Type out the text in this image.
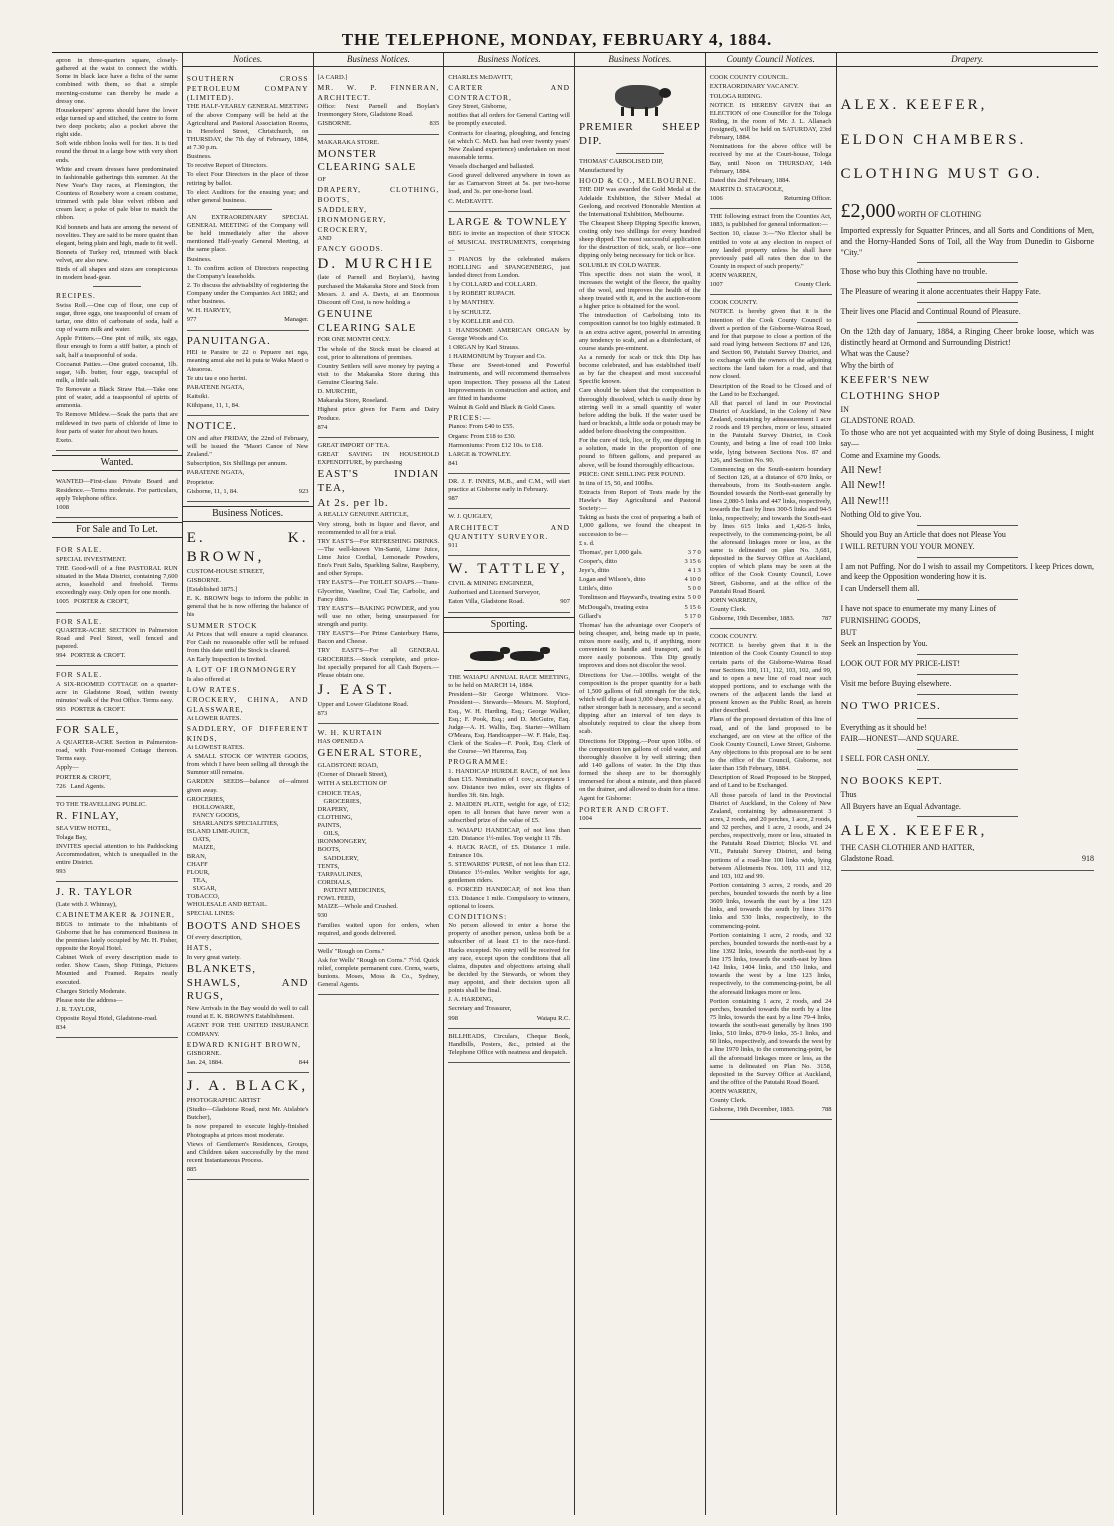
THE TELEPHONE, MONDAY, FEBRUARY 4, 1884.

apron in three-quarters square, closely-gathered at the waist to connect the width. Some in black lace have a fichu of the same combined with them, so that a simple morning-costume can thereby be made a dressy one.

Housekeepers' aprons should have the lower edge turned up and stitched, the centre to form two deep pockets; also a pocket above the right side.

Soft wide ribbon looks well for ties. It is tied round the throat in a large bow with very short ends.

White and cream dresses have predominated in fashionable gatherings this summer. At the New Year's Day races, at Flemington, the Countess of Rosebery wore a cream costume, trimmed with pale blue velvet ribbon and cream lace; a poke of pale blue to match the ribbon.

Kid bonnets and hats are among the newest of novelties. They are said to be more quaint than elegant, being plain and high, made to fit well.

Bonnets of Turkey red, trimmed with black velvet, are also new.

Birds of all shapes and sizes are conspicuous in modern head-gear.

RECIPES.

Swiss Roll.—One cup of flour, one cup of sugar, three eggs, one teaspoonful of cream of tartar, one ditto of carbonate of soda, half a cup of warm milk and water.

Apple Fritters.—One pint of milk, six eggs, flour enough to form a stiff batter, a pinch of salt, half a teaspoonful of soda.

Cocoanut Patties.—One grated cocoanut, 1lb. sugar, ¼lb. butter, four eggs, teacupful of milk, a little salt.

To Renovate a Black Straw Hat.—Take one pint of water, add a teaspoonful of spirits of ammonia.

To Remove Mildew.—Soak the parts that are mildewed in two parts of chloride of lime to four parts of water for about two hours.

Exeto.

Wanted.

WANTED—First-class Private Board and Residence.—Terms moderate. For particulars, apply Telephone office.

1008

For Sale and To Let.

FOR SALE.

SPECIAL INVESTMENT.

THE Good-will of a fine PASTORAL RUN situated in the Maia District, containing 7,600 acres, leasehold and freehold. Terms exceedingly easy. Only open for one month.

1005 PORTER & CROFT,

FOR SALE.

QUARTER-ACRE SECTION in Palmerston Road and Peel Street, well fenced and papered.

994 PORTER & CROFT.

FOR SALE.

A SIX-ROOMED COTTAGE on a quarter-acre in Gladstone Road, within twenty minutes' walk of the Post Office. Terms easy.

993 PORTER & CROFT.

FOR SALE,

A QUARTER-ACRE Section in Palmerston-road, with Four-roomed Cottage thereon. Terms easy.

Apply—

PORTER & CROFT,

726 Land Agents.

TO THE TRAVELLING PUBLIC.

R. FINLAY,

SEA VIEW HOTEL,

Tolaga Bay,

INVITES special attention to his Paddocking Accommodation, which is unequalled in the entire District.

993

J. R. TAYLOR

(Late with J. Whinray),

CABINETMAKER & JOINER,

BEGS to intimate to the inhabitants of Gisborne that he has commenced Business in the premises lately occupied by Mr. H. Fisher, opposite the Royal Hotel.

Cabinet Work of every description made to order. Show Cases, Shop Fittings, Pictures Mounted and Framed. Repairs neatly executed.

Charges Strictly Moderate.

Please note the address—

J. R. TAYLOR,

Opposite Royal Hotel, Gladstone-road.

834

Notices.

SOUTHERN CROSS PETROLEUM COMPANY (LIMITED).

THE HALF-YEARLY GENERAL MEETING of the above Company will be held at the Agricultural and Pastoral Association Rooms, in Hereford Street, Christchurch, on THURSDAY, the 7th day of February, 1884, at 7.30 p.m.

Business.

To receive Report of Directors.

To elect Four Directors in the place of those retiring by ballot.

To elect Auditors for the ensuing year; and other general business.

AN EXTRAORDINARY SPECIAL GENERAL MEETING of the Company will be held immediately after the above mentioned Half-yearly General Meeting, at the same place.

Business.

1. To confirm action of Directors respecting the Company's leaseholds.

2. To discuss the advisability of registering the Company under the Companies Act 1882; and other business.

W. H. HARVEY,

977	Manager.

PANUITANGA.

HEI te Paraire te 22 o Pepuere nei nga, meaning amui ake nei ki puta te Waka Maori o Ateaoroa.

Te utu tau e ono herini.

PARATENE NGATA,

Kaitsiki.

Kiihipane, 11, 1, 84.

NOTICE.

ON and after FRIDAY, the 22nd of February, will be issued the "Maori Canoe of New Zealand."

Subscription, Six Shillings per annum.

PARATENE NGATA,

Proprietor.

Gisborne, 11, 1, 84.	923

Business Notices.

E. K. BROWN,

CUSTOM-HOUSE STREET,

GISBORNE.

[Established 1875.]

E. K. BROWN begs to inform the public in general that he is now offering the balance of his

SUMMER STOCK

At Prices that will ensure a rapid clearance. For Cash no reasonable offer will be refused from this date until the Stock is cleared.

An Early Inspection is Invited.

A LOT OF IRONMONGERY

Is also offered at

LOW RATES.

CROCKERY, CHINA, AND GLASSWARE,

At LOWER RATES.

SADDLERY, OF DIFFERENT KINDS,

At LOWEST RATES.

A SMALL STOCK OF WINTER GOODS, from which I have been selling all through the Summer still remains.

GARDEN SEEDS—balance of—almost given away.

GROCERIES,

HOLLOWARE,

FANCY GOODS,

SHARLAND'S SPECIALITIES,

ISLAND LIME-JUICE,

OATS,

MAIZE,

BRAN,

CHAFF

FLOUR,

TEA,

SUGAR,

TOBACCO,

WHOLESALE AND RETAIL.

SPECIAL LINES:

BOOTS AND SHOES

Of every description,

HATS,

In very great variety.

BLANKETS, SHAWLS, AND RUGS,

New Arrivals in the Bay would do well to call round at E. K. BROWN'S Establishment.

AGENT FOR THE UNITED INSURANCE COMPANY.

EDWARD KNIGHT BROWN,

GISBORNE.

Jan. 24, 1884.	844

J. A. BLACK,

PHOTOGRAPHIC ARTIST

(Studio—Gladstone Road, next Mr. Aislabie's Butcher),

Is now prepared to execute highly-finished Photographs at prices most moderate.

Views of Gentlemen's Residences, Groups, and Children taken successfully by the most recent Instantaneous Process.

885

Business Notices.

[A CARD.]

MR. W. P. FINNERAN, ARCHITECT.

Office: Next Parnell and Boylan's Ironmongery Store, Gladstone Road.

GISBORNE.	835

MAKARAKA STORE.

MONSTER CLEARING SALE

OF

DRAPERY, CLOTHING, BOOTS,

SADDLERY,

IRONMONGERY, CROCKERY,

AND

FANCY GOODS.

D. MURCHIE

(late of Parnell and Boylan's), having purchased the Makaraka Store and Stock from Messrs. J. and A. Davis, at an Enormous Discount off Cost, is now holding a

GENUINE CLEARING SALE

FOR ONE MONTH ONLY.

The whole of the Stock must be cleared at cost, prior to alterations of premises.

Country Settlers will save money by paying a visit to the Makaraka Store during this Genuine Clearing Sale.

D. MURCHIE,

Makaraka Store, Roseland.

Highest price given for Farm and Dairy Produce.

874

GREAT IMPORT OF TEA.

GREAT SAVING IN HOUSEHOLD EXPENDITURE, by purchasing

EAST'S INDIAN TEA,

At 2s. per lb.

A REALLY GENUINE ARTICLE,

Very strong, both in liquor and flavor, and recommended to all for a trial.

TRY EAST'S—For REFRESHING DRINKS.—The well-known Vin-Santé, Lime Juice, Lime Juice Cordial, Lemonade Powders, Eno's Fruit Salts, Sparkling Saline, Raspberry, and other Syrups.

TRY EAST'S—For TOILET SOAPS.—Trans-Glycerine, Vaseline, Coal Tar, Carbolic, and Fancy ditto.

TRY EAST'S—BAKING POWDER, and you will use no other, being unsurpassed for strength and purity.

TRY EAST'S—For Prime Canterbury Hams, Bacon and Cheese.

TRY EAST'S—For all GENERAL GROCERIES.—Stock complete, and price-list specially prepared for all Cash Buyers.—Please obtain one.

J. EAST.

Upper and Lower Gladstone Road.

873

W. H. KURTAIN

HAS OPENED A

GENERAL STORE,

GLADSTONE ROAD,

(Corner of Disraeli Street),

WITH A SELECTION OF

CHOICE TEAS,

GROCERIES,

DRAPERY,

CLOTHING,

PAINTS,

OILS,

IRONMONGERY,

BOOTS,

SADDLERY,

TENTS,

TARPAULINES,

CORDIALS,

PATENT MEDICINES,

FOWL FEED,

MAIZE—Whole and Crushed.

930

Families waited upon for orders, when required, and goods delivered.

Wells' "Rough on Corns."

Ask for Wells' "Rough on Corns." 7½d. Quick relief, complete permanent cure. Corns, warts, bunions. Moses, Moss & Co., Sydney, General Agents.

Business Notices.

CHARLES McDAVITT,

CARTER AND CONTRACTOR,

Grey Street, Gisborne,

notifies that all orders for General Carting will be promptly executed.

Contracts for clearing, ploughing, and fencing (at which C. McD. has had over twenty years' New Zealand experience) undertaken on most reasonable terms.

Vessels discharged and ballasted.

Good gravel delivered anywhere in town as far as Carnarvon Street at 5s. per two-horse load, and 3s. per one-horse load.

C. McDEAVITT.

LARGE & TOWNLEY

BEG to invite an inspection of their STOCK of MUSICAL INSTRUMENTS, comprising—

3 PIANOS by the celebrated makers HOELLING and SPANGENBERG, just landed direct from London.

1 by COLLARD and COLLARD.

1 by ROBERT RUPACH.

1 by MANTHEY.

1 by SCHULTZ.

1 by KOELLER and CO.

1 HANDSOME AMERICAN ORGAN by George Woods and Co.

1 ORGAN by Karl Strauss.

1 HARMONIUM by Trayser and Co.

These are Sweet-toned and Powerful Instruments, and will recommend themselves upon inspection. They possess all the Latest Improvements in construction and action, and are fitted in handsome

Walnut & Gold and Black & Gold Cases.

PRICES:—

Pianos: From £40 to £55.

Organs: From £18 to £30.

Harmoniums: From £12 10s. to £18.

LARGE & TOWNLEY.

841

DR. J. F. INNES, M.B., and C.M., will start practice at Gisborne early in February.

987

W. J. QUIGLEY,

ARCHITECT AND QUANTITY SURVEYOR.

911

W. TATTLEY,

CIVIL & MINING ENGINEER,

Authorised and Licensed Surveyor,

Eaton Villa, Gladstone Road.	907

Sporting.

THE WAIAPU ANNUAL RACE MEETING, to be held on MARCH 14, 1884.

President—Sir George Whitmore. Vice-President—. Stewards—Messrs. M. Stopford, Esq., W. H. Harding, Esq.; George Walker, Esq.; F. Pook, Esq.; and D. McGuire, Esq. Judge—A. H. Wallis, Esq. Starter—William O'Meara, Esq. Handicapper—W. F. Hale, Esq. Clerk of the Scales—F. Pook, Esq. Clerk of the Course—Wi Hareroa, Esq.

PROGRAMME:

1. HANDICAP HURDLE RACE, of not less than £15. Nomination of 1 cov.; acceptance 1 sov. Distance two miles, over six flights of hurdles 3ft. 6in. high.

2. MAIDEN PLATE, weight for age, of £12; open to all horses that have never won a subscribed prize of the value of £5.

3. WAIAPU HANDICAP, of not less than £20. Distance 1½-miles. Top weight 11 7lb.

4. HACK RACE, of £5. Distance 1 mile. Entrance 10s.

5. STEWARDS' PURSE, of not less than £12. Distance 1½-miles. Welter weights for age, gentlemen riders.

6. FORCED HANDICAP, of not less than £13. Distance 1 mile. Compulsory to winners, optional to losers.

CONDITIONS:

No person allowed to enter a horse the property of another person, unless both be a subscriber of at least £1 to the race-fund. Hacks excepted. No entry will be received for any race, except upon the conditions that all claims, disputes and objections arising shall be decided by the Stewards, or whom they may appoint, and their decision upon all points shall be final.

J. A. HARDING,

Secretary and Treasurer,

998	Waiapu R.C.

BILLHEADS, Circulars, Cheque Book, Handbills, Posters, &c., printed at the Telephone Office with neatness and despatch.

Business Notices.

PREMIER SHEEP DIP.

THOMAS' CARBOLISED DIP,

Manufactured by

HOOD & CO., MELBOURNE.

THE DIP was awarded the Gold Medal at the Adelaide Exhibition, the Silver Medal at Geelong, and received Honorable Mention at the International Exhibition, Melbourne.

The Cheapest Sheep Dipping Specific known, costing only two shillings for every hundred sheep dipped. The most successful application for the destruction of tick, scab, or lice—one dipping only being necessary for tick or lice.

SOLUBLE IN COLD WATER.

This specific does not stain the wool, it increases the weight of the fleece, the quality of the wool, and improves the health of the sheep treated with it, and in the auction-room a higher price is obtained for the wool.

The introduction of Carbolising into its composition cannot be too highly estimated. It is an extra active agent, powerful in arresting any tendency to scab, and as a disinfectant, of course stands pre-eminent.

As a remedy for scab or tick this Dip has become celebrated, and has established itself as by far the cheapest and most successful Specific known.

Care should be taken that the composition is thoroughly dissolved, which is easily done by stirring well in a small quantity of water before adding the bulk. If the water used be hard or brackish, a little soda or potash may be added before dissolving the composition.

For the cure of tick, lice, or fly, one dipping in a solution, made in the proportion of one pound to fifteen gallons, and prepared as above, will be found thoroughly efficacious.

PRICE: ONE SHILLING PER POUND.

In tins of 15, 50, and 100lbs.

Extracts from Report of Tests made by the Hawke's Bay Agricultural and Pastoral Society:—

Taking as basis the cost of preparing a bath of 1,000 gallons, we found the cheapest in succession to be—

£ s. d.

Thomas', per 1,000 gals.	3 7 0

Cooper's, ditto	3 15 6

Jeye's, ditto	4 1 3

Logan and Wilson's, ditto	4 10 0

Little's, ditto	5 0 0

Tomlinson and Hayward's, treating extra 5 0 0

McDougal's, treating extra	5 15 6

Gillard's	5 17 0

Thomas' has the advantage over Cooper's of being cheaper, and, being made up in paste, mixes more easily, and is, if anything, more convenient to handle and transport, and is more easily poisonous. This Dip greatly improves and does not discolor the wool.

Directions for Use.—100lbs. weight of the composition is the proper quantity for a bath of 1,500 gallons of full strength for the tick, which will dip at least 3,000 sheep. For scab, a rather stronger bath is necessary, and a second dipping after an interval of ten days is absolutely required to clear the sheep from scab.

Directions for Dipping.—Pour upon 10lbs. of the composition ten gallons of cold water, and thoroughly dissolve it by well stirring; then add 140 gallons of water. In the Dip thus formed the sheep are to be thoroughly immersed for about a minute, and then placed on the drainer, and allowed to drain for a time.

Agent for Gisborne:

PORTER AND CROFT.

1004

County Council Notices.

COOK COUNTY COUNCIL.

EXTRAORDINARY VACANCY.

TOLOGA RIDING.

NOTICE IS HEREBY GIVEN that an ELECTION of one Councillor for the Tologa Riding, in the room of Mr. J. L. Allanach (resigned), will be held on SATURDAY, 23rd February, 1884.

Nominations for the above office will be received by me at the Court-house, Tologa Bay, until Noon on THURSDAY, 14th February, 1884.

Dated this 2nd February, 1884.

MARTIN D. STAGPOOLE,

1006	Returning Officer.

THE following extract from the Counties Act, 1883, is published for general information:—

Section 10, clause 3:—"No Elector shall be entitled to vote at any election in respect of any landed property unless he shall have previously paid all rates then due to the County in respect of such property."

JOHN WARREN,

1007	County Clerk.

COOK COUNTY.

NOTICE is hereby given that it is the intention of the Cook County Council to divert a portion of the Gisborne-Wairoa Road, and for that purpose to close a portion of the said road lying between Sections 87 and 126, and Section 90, Patutahi Survey District, and to exchange with the owners of the adjoining sections the land taken for a road, and that now closed.

Description of the Road to be Closed and of the Land to be Exchanged.

All that parcel of land in our Provincial District of Auckland, in the Colony of New Zealand, containing by admeasurement 1 acre 2 roods and 19 perches, more or less, situated in the Patutahi Survey District, in Cook County, and being a line of road 100 links wide, lying between Sections Nos. 87 and 126, and Section No. 90.

Commencing on the South-eastern boundary of Section 126, at a distance of 670 links, or thereabouts, from its South-eastern angle. Bounded towards the North-east generally by lines 2,080-5 links and 447 links, respectively, towards the East by lines 300-5 links and 94-5 links, respectively; and towards the South-east by lines 615 links and 1,426-5 links, respectively, to the commencing-point, be all the aforesaid linkages more or less, as the same is delineated on plan No. 3,681, deposited in the Survey Office at Auckland, copies of which plans may be seen at the office of the Cook County Council, Lowe Street, Gisborne, and at the office of the Patutahi Road Board.

JOHN WARREN,

County Clerk.

Gisborne, 19th December, 1883.	787

COOK COUNTY.

NOTICE is hereby given that it is the intention of the Cook County Council to stop certain parts of the Gisborne-Wairoa Road near Sections 100, 111, 112, 103, 102, and 99, and to open a new line of road near such stopped portions, and to exchange with the owners of the adjacent lands the land at present known as the Public Road, as herein after described.

Plans of the proposed deviation of this line of road, and of the land proposed to be exchanged, are on view at the office of the Cook County Council, Lowe Street, Gisborne. Any objections to this proposal are to be sent to the office of the Council, Gisborne, not later than 15th February, 1884.

Description of Road Proposed to be Stopped, and of Land to be Exchanged.

All those parcels of land in the Provincial District of Auckland, in the Colony of New Zealand, containing by admeasurement 3 acres, 2 roods, and 20 perches, 1 acre, 2 roods, and 32 perches, and 1 acre, 2 roods, and 24 perches, respectively, more or less, situated in the Patutahi Road District; Blocks VI. and VII., Patutahi Survey District, and being portions of a road-line 100 links wide, lying between Allotments Nos. 109, 111 and 112, and 103, 102 and 99.

Portion containing 3 acres, 2 roods, and 20 perches, bounded towards the north by a line 3609 links, towards the east by a line 123 links, and towards the south by lines 3176 links and 530 links, respectively, to the commencing-point.

Portion containing 1 acre, 2 roods, and 32 perches, bounded towards the north-east by a line 1392 links, towards the north-east by a line 175 links, towards the south-east by lines 142 links, 1404 links, and 150 links, and towards the west by a line 123 links, respectively, to the commencing-point, be all the aforesaid linkages more or less.

Portion containing 1 acre, 2 roods, and 24 perches, bounded towards the north by a line 75 links, towards the east by a line 79-4 links, towards the south-east generally by lines 190 links, 510 links, 879-9 links, 35-1 links, and 60 links, respectively, and towards the west by a line 1970 links, to the commencing-point, be all the aforesaid linkages more or less, as the same is delineated on Plan No. 3158, deposited in the Survey Office at Auckland, and the office of the Patutahi Road Board.

JOHN WARREN,

County Clerk.

Gisborne, 19th December, 1883.	788

Drapery.

ALEX. KEEFER,

ELDON CHAMBERS.

CLOTHING MUST GO.

£2,000 WORTH OF CLOTHING

Imported expressly for Squatter Princes, and all Sorts and Conditions of Men, and the Horny-Handed Sons of Toil, all the Way from Dunedin to Gisborne "City."

Those who buy this Clothing have no trouble.

The Pleasure of wearing it alone accentuates their Happy Fate.

Their lives one Placid and Continual Round of Pleasure.

On the 12th day of January, 1884, a Ringing Cheer broke loose, which was distinctly heard at Ormond and Surrounding District!

What was the Cause?

Why the birth of

KEEFER'S NEW

CLOTHING SHOP

IN

GLADSTONE ROAD.

To those who are not yet acquainted with my Style of doing Business, I might say—

Come and Examine my Goods.

All New!

All New!!

All New!!!

Nothing Old to give You.

Should you Buy an Article that does not Please You

I WILL RETURN YOU YOUR MONEY.

I am not Puffing. Nor do I wish to assail my Competitors. I keep Prices down, and keep the Opposition wondering how it is.

I can Undersell them all.

I have not space to enumerate my many Lines of

FURNISHING GOODS,

BUT

Seek an Inspection by You.

LOOK OUT FOR MY PRICE-LIST!

Visit me before Buying elsewhere.

NO TWO PRICES.

Everything as it should be!

FAIR—HONEST—AND SQUARE.

I SELL FOR CASH ONLY.

NO BOOKS KEPT.

Thus

All Buyers have an Equal Advantage.

ALEX. KEEFER,

THE CASH CLOTHIER AND HATTER,

Gladstone Road.	918
